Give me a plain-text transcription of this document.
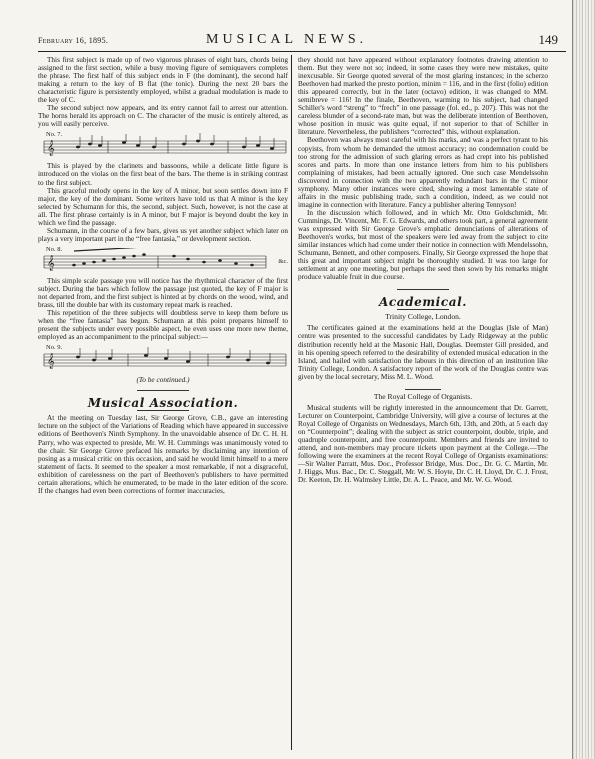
February 16, 1895.	MUSICAL NEWS.	149

This first subject is made up of two vigorous phrases of eight bars, chords being assigned to the first section, while a busy moving figure of semiquavers completes the phrase. The first half of this subject ends in F (the dominant), the second half making a return to the key of B flat (the tonic). During the next 20 bars the characteristic figure is persistently employed, whilst a gradual modulation is made to the key of C.

The second subject now appears, and its entry cannot fail to arrest our attention. The horns herald its approach on C. The character of the music is entirely altered, as you will easily perceive.

No. 7.
𝄞

This is played by the clarinets and bassoons, while a delicate little figure is introduced on the violas on the first beat of the bars. The theme is in striking contrast to the first subject.

This graceful melody opens in the key of A minor, but soon settles down into F major, the key of the dominant. Some writers have told us that A minor is the key selected by Schumann for this, the second, subject. Such, however, is not the case at all. The first phrase certainly is in A minor, but F major is beyond doubt the key in which we find the passage.

Schumann, in the course of a few bars, gives us yet another subject which later on plays a very important part in the “free fantasia,” or development section.

No. 8.
&c.
𝄞

This simple scale passage you will notice has the rhythmical character of the first subject. During the bars which follow the passage just quoted, the key of F major is not departed from, and the first subject is hinted at by chords on the wood, wind, and brass, till the double bar with its customary repeat mark is reached.

This repetition of the three subjects will doubtless serve to keep them before us when the “free fantasia” has begun. Schumann at this point prepares himself to present the subjects under every possible aspect, he even uses one more new theme, employed as an accompaniment to the principal subject:—

No. 9.
𝄞
(To be continued.)
Musical Association.

At the meeting on Tuesday last, Sir George Grove, C.B., gave an interesting lecture on the subject of the Variations of Reading which have appeared in successive editions of Beethoven's Ninth Symphony. In the unavoidable absence of Dr. C. H. H. Parry, who was expected to preside, Mr. W. H. Cummings was unanimously voted to the chair. Sir George Grove prefaced his remarks by disclaiming any intention of posing as a musical critic on this occasion, and said he would limit himself to a mere statement of facts. It seemed to the speaker a most remarkable, if not a disgraceful, exhibition of carelessness on the part of Beethoven's publishers to have permitted certain alterations, which he enumerated, to be made in the later edition of the score. If the changes had even been corrections of former inaccuracies,

they should not have appeared without explanatory footnotes drawing attention to them. But they were not so; indeed, in some cases they were new mistakes, quite inexcusable. Sir George quoted several of the most glaring instances; in the scherzo Beethoven had marked the presto portion, minim = 116, and in the first (folio) edition this appeared correctly, but in the later (octavo) edition, it was changed to MM. semibreve = 116! In the finale, Beethoven, warming to his subject, had changed Schiller's word “streng” to “frech” in one passage (fol. ed., p. 207). This was not the careless blunder of a second-rate man, but was the deliberate intention of Beethoven, whose position in music was quite equal, if not superior to that of Schiller in literature. Nevertheless, the publishers “corrected” this, without explanation.

Beethoven was always most careful with his marks, and was a perfect tyrant to his copyists, from whom he demanded the utmost accuracy; no condemnation could be too strong for the admission of such glaring errors as had crept into his published scores and parts. In more than one instance letters from him to his publishers complaining of mistakes, had been actually ignored. One such case Mendelssohn discovered in connection with the two apparently redundant bars in the C minor symphony. Many other instances were cited, showing a most lamentable state of affairs in the music publishing trade, such a condition, indeed, as we could not imagine in connection with literature. Fancy a publisher altering Tennyson!

In the discussion which followed, and in which Mr. Otto Goldschmidt, Mr. Cummings, Dr. Vincent, Mr. F. G. Edwards, and others took part, a general agreement was expressed with Sir George Grove's emphatic denunciations of alterations of Beethoven's works, but most of the speakers were led away from the subject to cite similar instances which had come under their notice in connection with Mendelssohn, Schumann, Bennett, and other composers. Finally, Sir George expressed the hope that this great and important subject might be thoroughly studied. It was too large for settlement at any one meeting, but perhaps the seed then sown by his remarks might produce valuable fruit in due course.

Academical.
Trinity College, London.

The certificates gained at the examinations held at the Douglas (Isle of Man) centre was presented to the successful candidates by Lady Ridgeway at the public distribution recently held at the Masonic Hall, Douglas. Deemster Gill presided, and in his opening speech referred to the desirability of extended musical education in the Island, and hailed with satisfaction the labours in this direction of an institution like Trinity College, London. A satisfactory report of the work of the Douglas centre was given by the local secretary, Miss M. L. Wood.

The Royal College of Organists.

Musical students will be rightly interested in the announcement that Dr. Garrett, Lecturer on Counterpoint, Cambridge University, will give a course of lectures at the Royal College of Organists on Wednesdays, March 6th, 13th, and 20th, at 5 each day on “Counterpoint”; dealing with the subject as strict counterpoint, double, triple, and quadruple counterpoint, and free counterpoint. Members and friends are invited to attend, and non-members may procure tickets upon payment at the College.—The following were the examiners at the recent Royal College of Organists examinations:—Sir Walter Parratt, Mus. Doc., Professor Bridge, Mus. Doc., Dr. G. C. Martin, Mr. J. Higgs, Mus. Bac., Dr. C. Steggall, Mr. W. S. Hoyte, Dr. C. H. Lloyd, Dr. C. J. Frost, Dr. Keeton, Dr. H. Walmsley Little, Dr. A. L. Peace, and Mr. W. G. Wood.
